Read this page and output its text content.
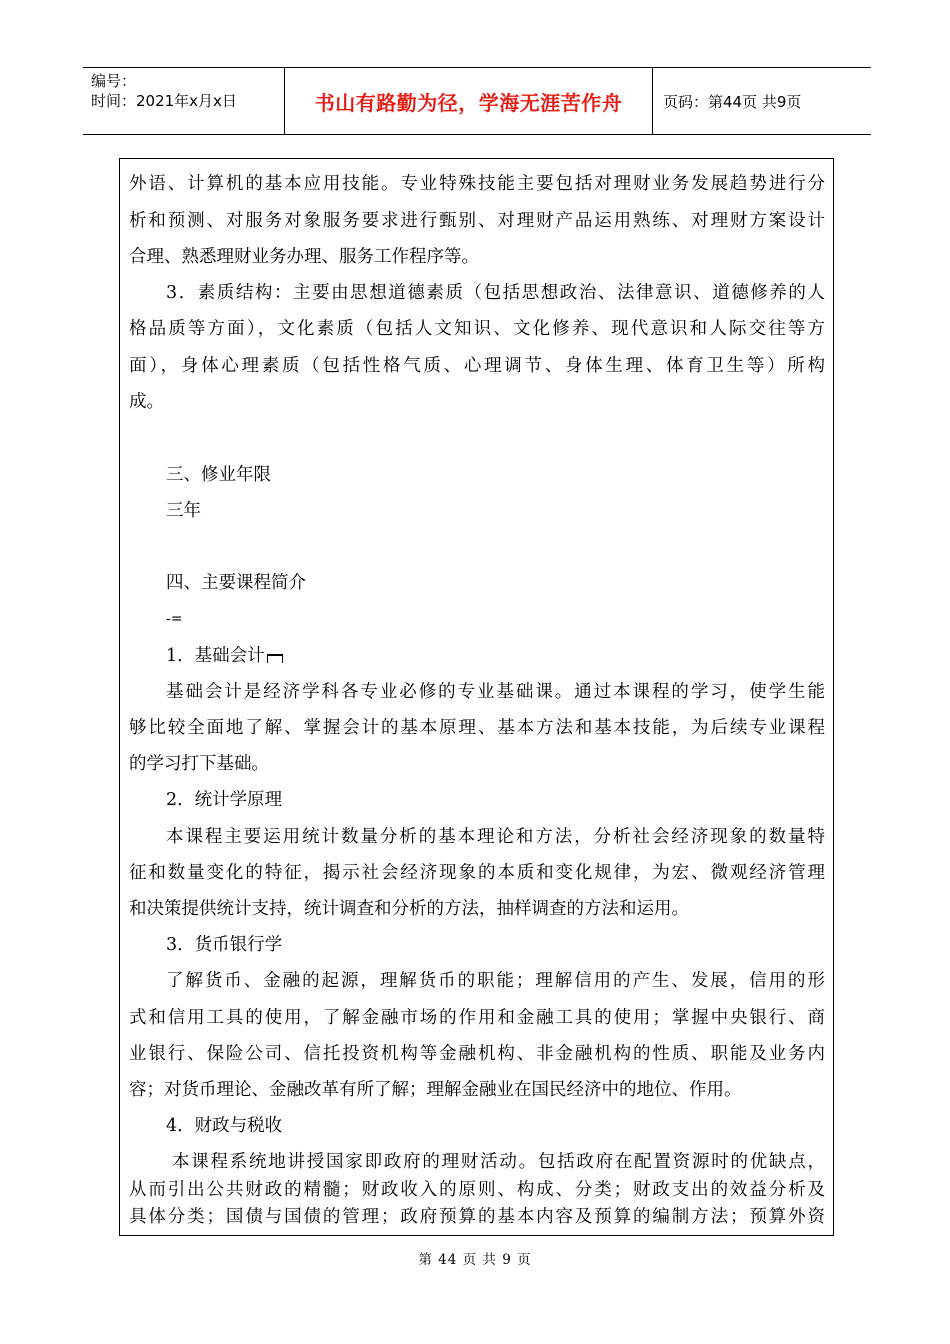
编号：
时间：2021年x月x日	书山有路勤为径，学海无涯苦作舟	页码：第44页 共9页
外语、计算机的基本应用技能。专业特殊技能主要包括对理财业务发展趋势进行分
析和预测、对服务对象服务要求进行甄别、对理财产品运用熟练、对理财方案设计
合理、熟悉理财业务办理、服务工作程序等。
3．素质结构：主要由思想道德素质（包括思想政治、法律意识、道德修养的人
格品质等方面），文化素质（包括人文知识、文化修养、现代意识和人际交往等方
面），身体心理素质（包括性格气质、心理调节、身体生理、体育卫生等）所构
成。
三、修业年限
三年
四、主要课程简介
-=
1．基础会计
基础会计是经济学科各专业必修的专业基础课。通过本课程的学习，使学生能
够比较全面地了解、掌握会计的基本原理、基本方法和基本技能，为后续专业课程
的学习打下基础。
2．统计学原理
本课程主要运用统计数量分析的基本理论和方法，分析社会经济现象的数量特
征和数量变化的特征，揭示社会经济现象的本质和变化规律，为宏、微观经济管理
和决策提供统计支持，统计调查和分析的方法，抽样调查的方法和运用。
3．货币银行学
了解货币、金融的起源，理解货币的职能；理解信用的产生、发展，信用的形
式和信用工具的使用，了解金融市场的作用和金融工具的使用；掌握中央银行、商
业银行、保险公司、信托投资机构等金融机构、非金融机构的性质、职能及业务内
容；对货币理论、金融改革有所了解；理解金融业在国民经济中的地位、作用。
4．财政与税收
本课程系统地讲授国家即政府的理财活动。包括政府在配置资源时的优缺点，
从而引出公共财政的精髓；财政收入的原则、构成、分类；财政支出的效益分析及
具体分类；国债与国债的管理；政府预算的基本内容及预算的编制方法；预算外资
第 44 页 共 9 页
